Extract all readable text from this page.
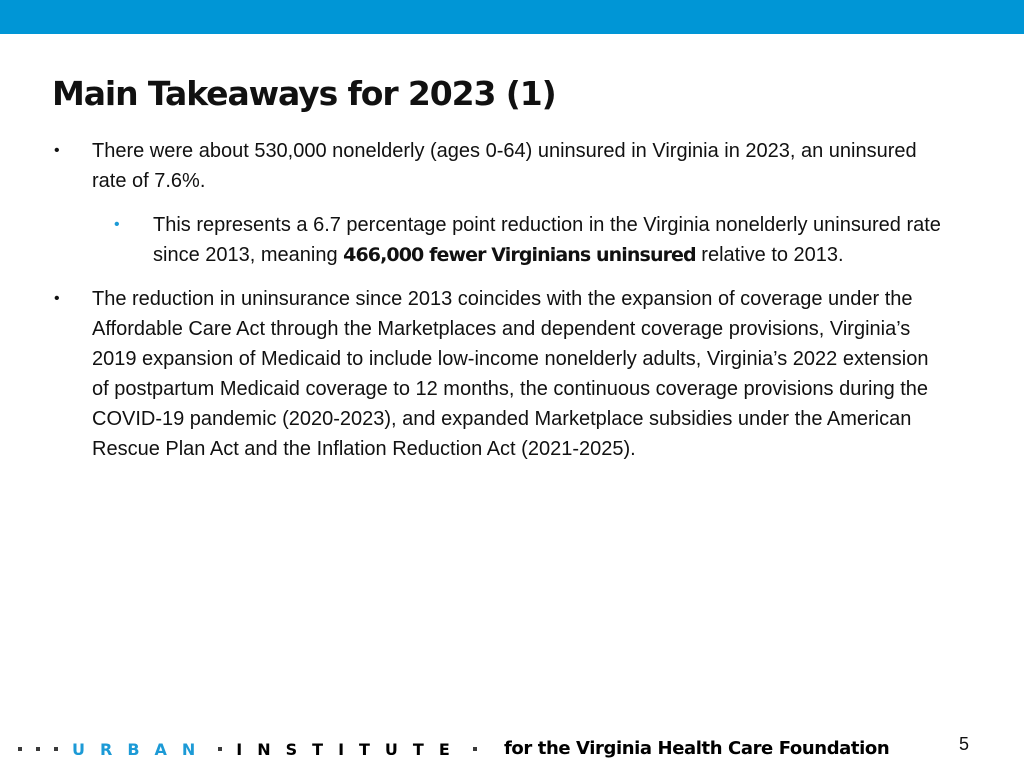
Main Takeaways for 2023 (1)
• There were about 530,000 nonelderly (ages 0-64) uninsured in Virginia in 2023, an uninsured rate of 7.6%.
• This represents a 6.7 percentage point reduction in the Virginia nonelderly uninsured rate since 2013, meaning 466,000 fewer Virginians uninsured relative to 2013.
• The reduction in uninsurance since 2013 coincides with the expansion of coverage under the Affordable Care Act through the Marketplaces and dependent coverage provisions, Virginia’s 2019 expansion of Medicaid to include low-income nonelderly adults, Virginia’s 2022 extension of postpartum Medicaid coverage to 12 months, the continuous coverage provisions during the COVID-19 pandemic (2020-2023), and expanded Marketplace subsidies under the American Rescue Plan Act and the Inflation Reduction Act (2021-2025).
URBAN INSTITUTE for the Virginia Health Care Foundation	5
